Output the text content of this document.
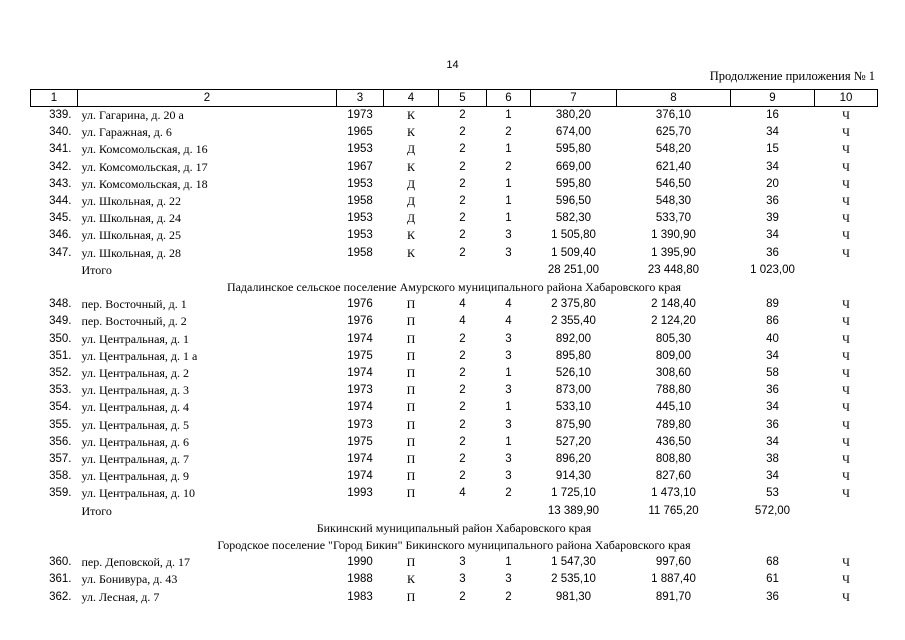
14
Продолжение приложения № 1
1	2	3	4	5	6	7	8	9	10
339.	ул. Гагарина, д. 20 а	1973	К	2	1	380,20	376,10	16	Ч
340.	ул. Гаражная, д. 6	1965	К	2	2	674,00	625,70	34	Ч
341.	ул. Комсомольская, д. 16	1953	Д	2	1	595,80	548,20	15	Ч
342.	ул. Комсомольская, д. 17	1967	К	2	2	669,00	621,40	34	Ч
343.	ул. Комсомольская, д. 18	1953	Д	2	1	595,80	546,50	20	Ч
344.	ул. Школьная, д. 22	1958	Д	2	1	596,50	548,30	36	Ч
345.	ул. Школьная, д. 24	1953	Д	2	1	582,30	533,70	39	Ч
346.	ул. Школьная, д. 25	1953	К	2	3	1 505,80	1 390,90	34	Ч
347.	ул. Школьная, д. 28	1958	К	2	3	1 509,40	1 395,90	36	Ч
	Итого					28 251,00	23 448,80	1 023,00	
Падалинское сельское поселение Амурского муниципального района Хабаровского края									
348.	пер. Восточный, д. 1	1976	П	4	4	2 375,80	2 148,40	89	Ч
349.	пер. Восточный, д. 2	1976	П	4	4	2 355,40	2 124,20	86	Ч
350.	ул. Центральная, д. 1	1974	П	2	3	892,00	805,30	40	Ч
351.	ул. Центральная, д. 1 а	1975	П	2	3	895,80	809,00	34	Ч
352.	ул. Центральная, д. 2	1974	П	2	1	526,10	308,60	58	Ч
353.	ул. Центральная, д. 3	1973	П	2	3	873,00	788,80	36	Ч
354.	ул. Центральная, д. 4	1974	П	2	1	533,10	445,10	34	Ч
355.	ул. Центральная, д. 5	1973	П	2	3	875,90	789,80	36	Ч
356.	ул. Центральная, д. 6	1975	П	2	1	527,20	436,50	34	Ч
357.	ул. Центральная, д. 7	1974	П	2	3	896,20	808,80	38	Ч
358.	ул. Центральная, д. 9	1974	П	2	3	914,30	827,60	34	Ч
359.	ул. Центральная, д. 10	1993	П	4	2	1 725,10	1 473,10	53	Ч
	Итого					13 389,90	11 765,20	572,00	
Бикинский муниципальный район Хабаровского края									
Городское поселение "Город Бикин" Бикинского муниципального района Хабаровского края									
360.	пер. Деповской, д. 17	1990	П	3	1	1 547,30	997,60	68	Ч
361.	ул. Бонивура, д. 43	1988	К	3	3	2 535,10	1 887,40	61	Ч
362.	ул. Лесная, д. 7	1983	П	2	2	981,30	891,70	36	Ч
